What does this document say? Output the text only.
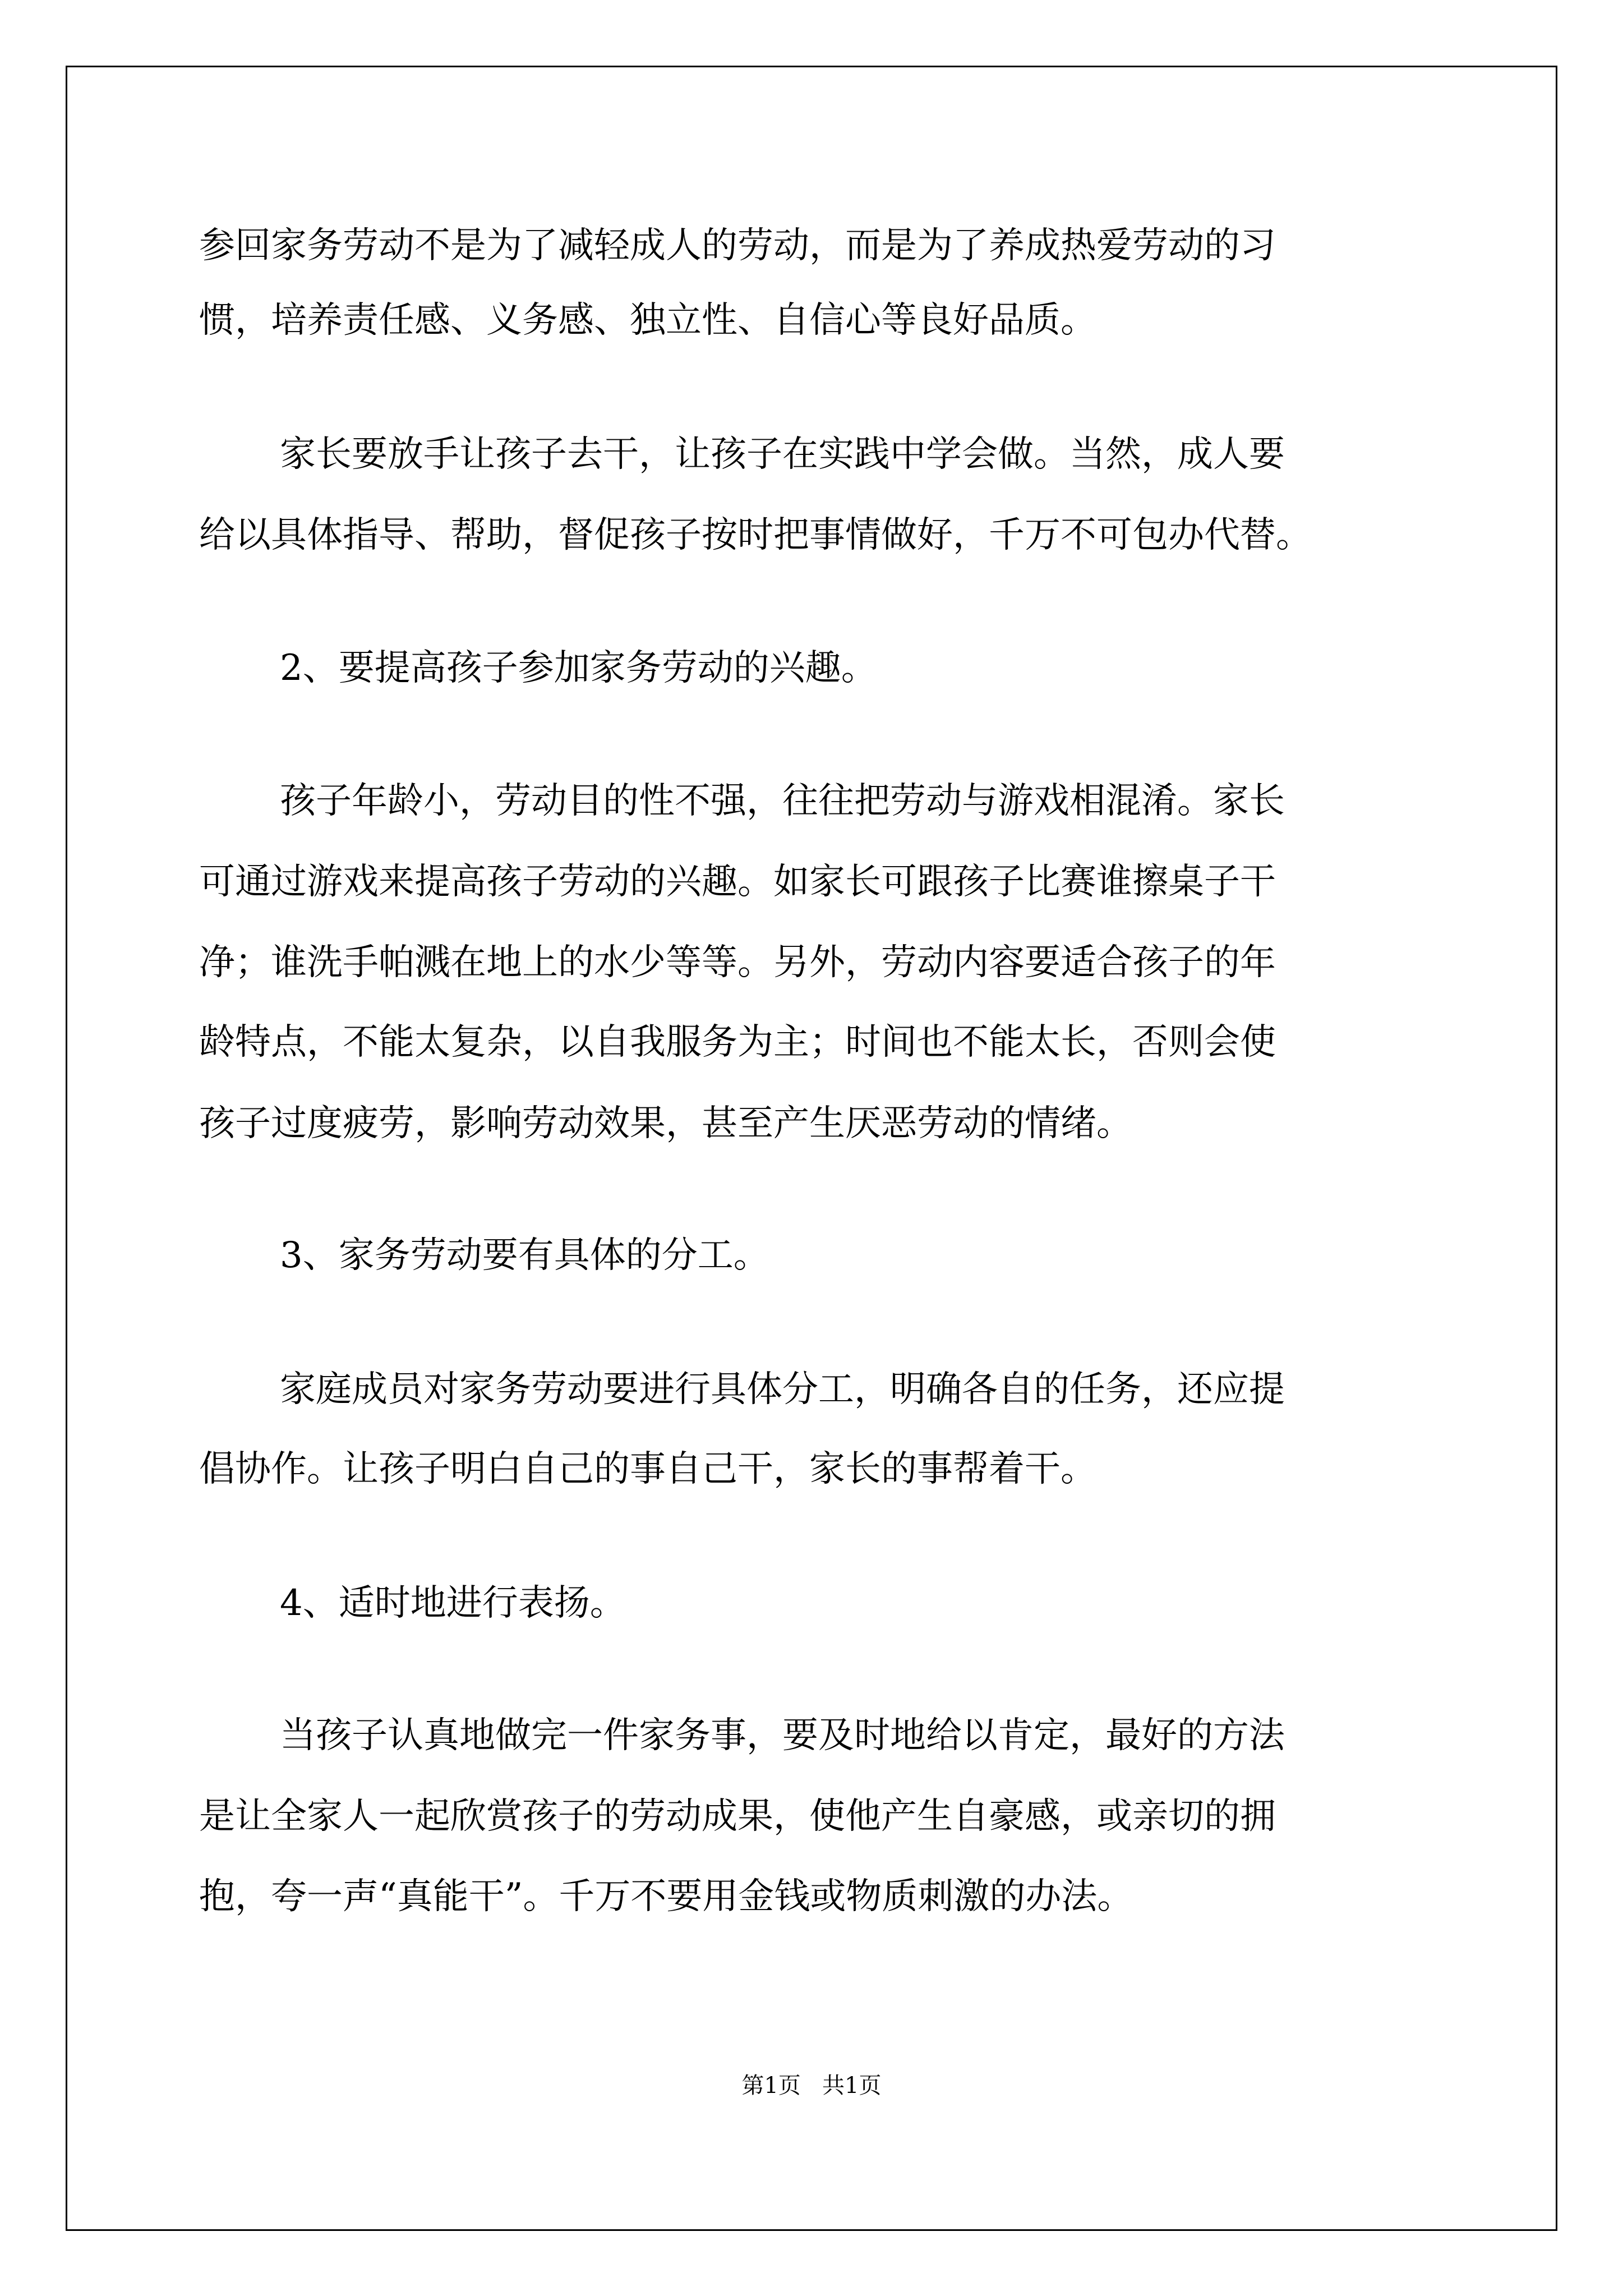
参回家务劳动不是为了减轻成人的劳动，而是为了养成热爱劳动的习

惯，培养责任感、义务感、独立性、自信心等良好品质。

家长要放手让孩子去干，让孩子在实践中学会做。当然，成人要

给以具体指导、帮助，督促孩子按时把事情做好，千万不可包办代替。

2、要提高孩子参加家务劳动的兴趣。

孩子年龄小，劳动目的性不强，往往把劳动与游戏相混淆。家长

可通过游戏来提高孩子劳动的兴趣。如家长可跟孩子比赛谁擦桌子干

净；谁洗手帕溅在地上的水少等等。另外，劳动内容要适合孩子的年

龄特点，不能太复杂，以自我服务为主；时间也不能太长，否则会使

孩子过度疲劳，影响劳动效果，甚至产生厌恶劳动的情绪。

3、家务劳动要有具体的分工。

家庭成员对家务劳动要进行具体分工，明确各自的任务，还应提

倡协作。让孩子明白自己的事自己干，家长的事帮着干。

4、适时地进行表扬。

当孩子认真地做完一件家务事，要及时地给以肯定，最好的方法

是让全家人一起欣赏孩子的劳动成果，使他产生自豪感，或亲切的拥

抱，夸一声“真能干”。千万不要用金钱或物质刺激的办法。

第1页   共1页
